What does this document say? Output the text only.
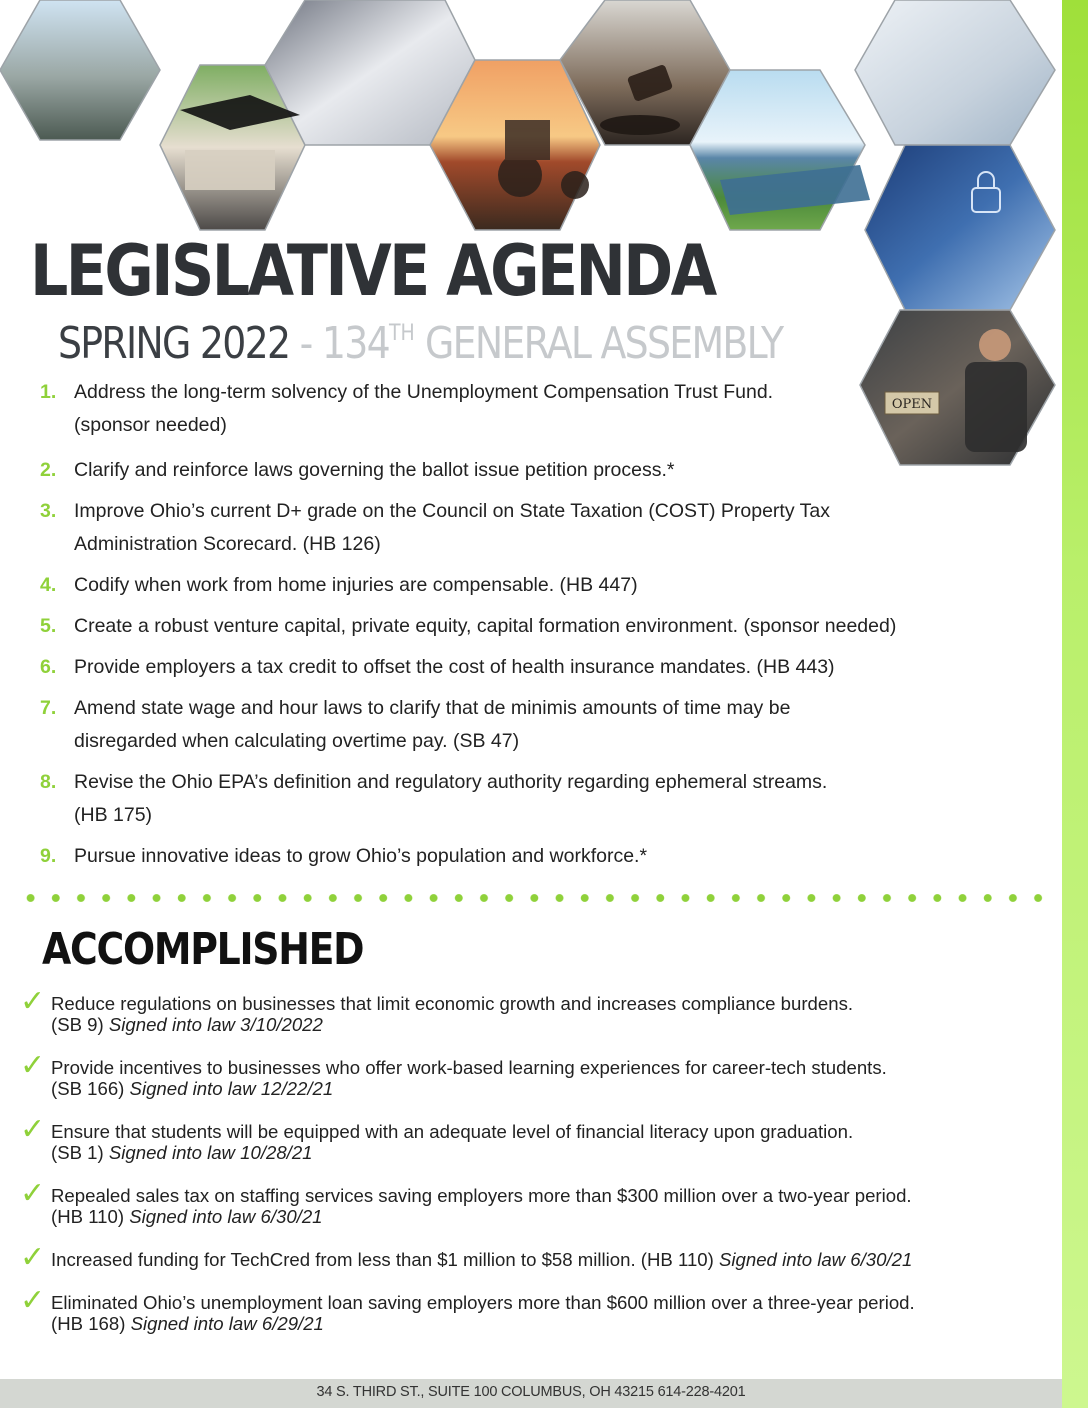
OPEN
LEGISLATIVE AGENDA
SPRING 2022 - 134TH GENERAL ASSEMBLY
1. Address the long-term solvency of the Unemployment Compensation Trust Fund.
(sponsor needed)
2. Clarify and reinforce laws governing the ballot issue petition process.*
3. Improve Ohio’s current D+ grade on the Council on State Taxation (COST) Property Tax
Administration Scorecard. (HB 126)
4. Codify when work from home injuries are compensable. (HB 447)
5. Create a robust venture capital, private equity, capital formation environment. (sponsor needed)
6. Provide employers a tax credit to offset the cost of health insurance mandates. (HB 443)
7. Amend state wage and hour laws to clarify that de minimis amounts of time may be
disregarded when calculating overtime pay. (SB 47)
8. Revise the Ohio EPA’s definition and regulatory authority regarding ephemeral streams.
(HB 175)
9. Pursue innovative ideas to grow Ohio’s population and workforce.*
ACCOMPLISHED
✓ Reduce regulations on businesses that limit economic growth and increases compliance burdens.
(SB 9) Signed into law 3/10/2022
✓ Provide incentives to businesses who offer work-based learning experiences for career-tech students.
(SB 166) Signed into law 12/22/21
✓ Ensure that students will be equipped with an adequate level of financial literacy upon graduation.
(SB 1) Signed into law 10/28/21
✓ Repealed sales tax on staffing services saving employers more than $300 million over a two-year period.
(HB 110) Signed into law 6/30/21
✓ Increased funding for TechCred from less than $1 million to $58 million. (HB 110) Signed into law 6/30/21
✓ Eliminated Ohio’s unemployment loan saving employers more than $600 million over a three-year period.
(HB 168) Signed into law 6/29/21
34 S. THIRD ST., SUITE 100 COLUMBUS, OH 43215 614-228-4201
